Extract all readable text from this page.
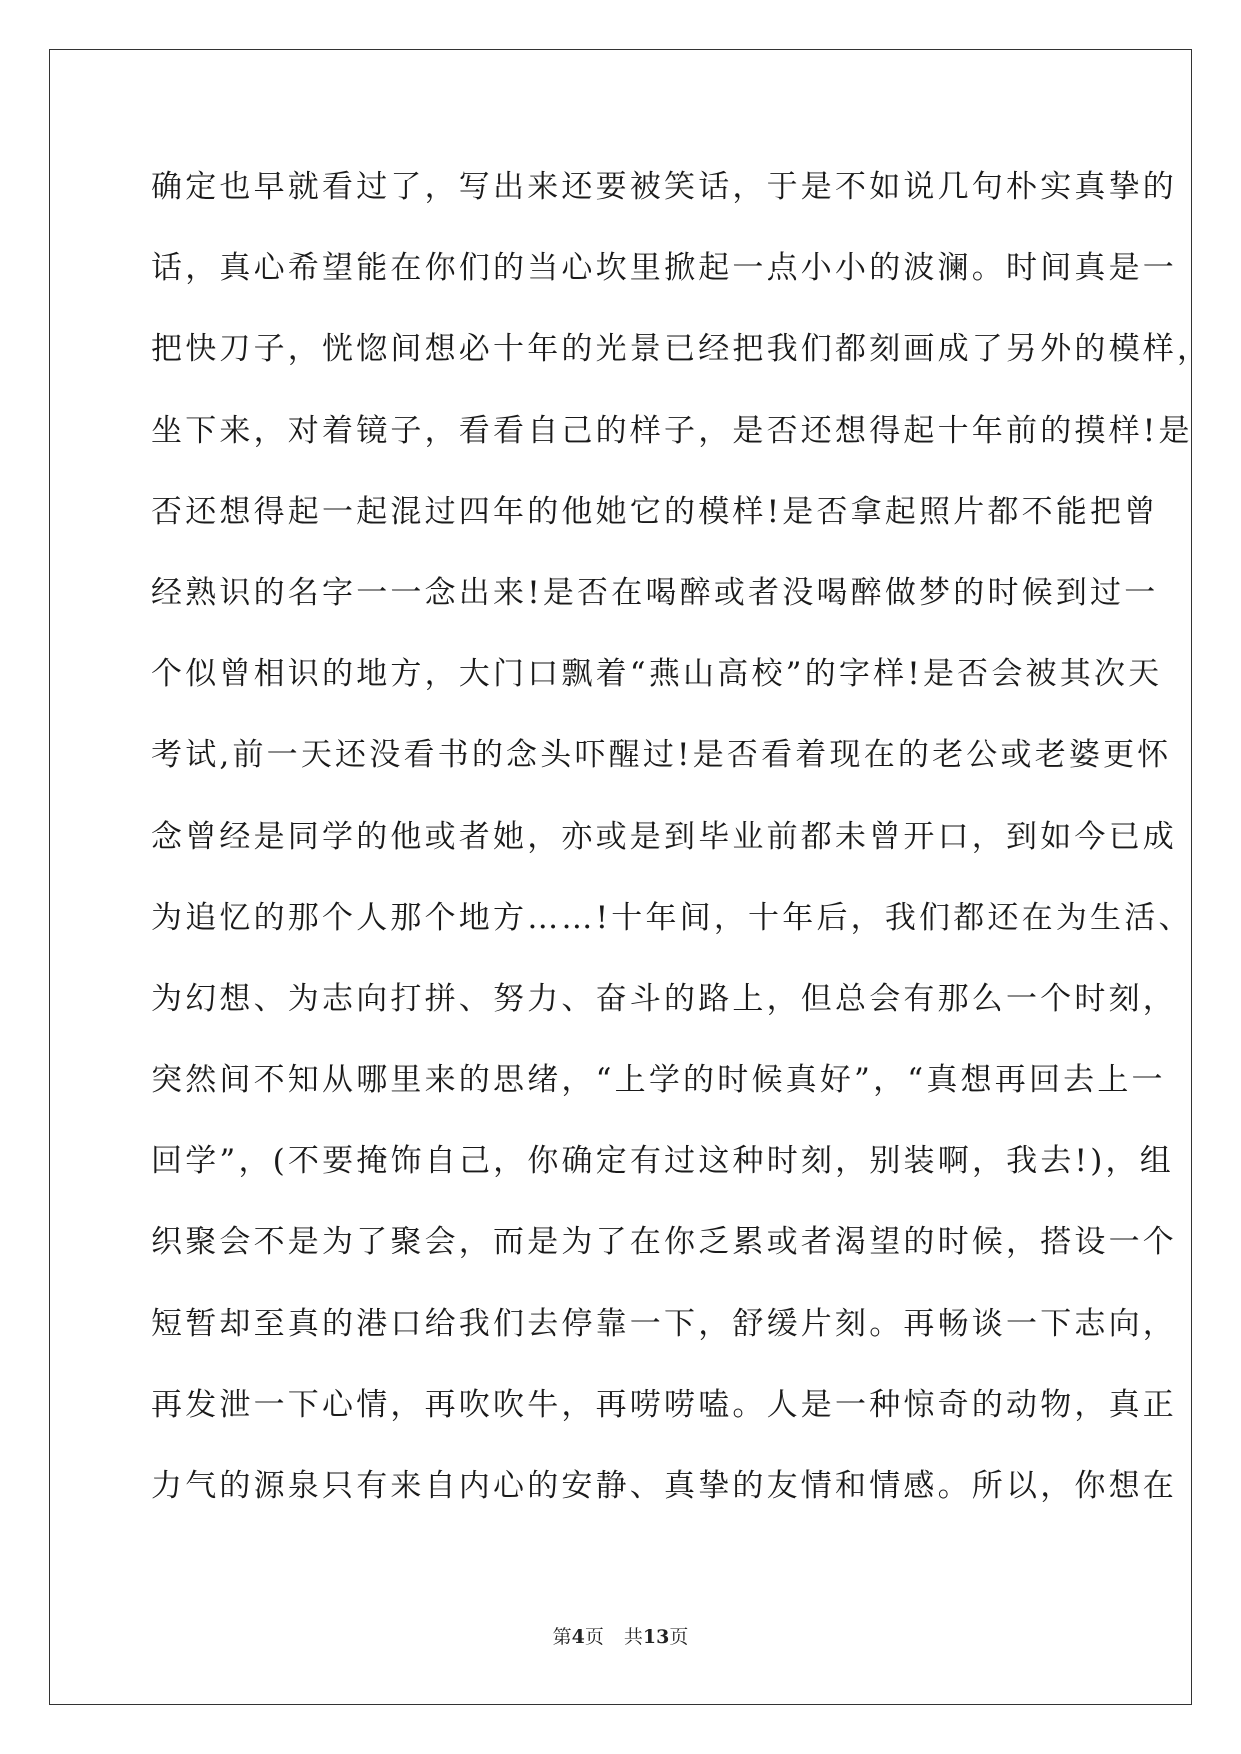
确定也早就看过了，写出来还要被笑话，于是不如说几句朴实真挚的
话，真心希望能在你们的当心坎里掀起一点小小的波澜。时间真是一
把快刀子，恍惚间想必十年的光景已经把我们都刻画成了另外的模样，
坐下来，对着镜子，看看自己的样子，是否还想得起十年前的摸样!是
否还想得起一起混过四年的他她它的模样!是否拿起照片都不能把曾
经熟识的名字一一念出来!是否在喝醉或者没喝醉做梦的时候到过一
个似曾相识的地方，大门口飘着“燕山高校”的字样!是否会被其次天
考试,前一天还没看书的念头吓醒过!是否看着现在的老公或老婆更怀
念曾经是同学的他或者她，亦或是到毕业前都未曾开口，到如今已成
为追忆的那个人那个地方……!十年间，十年后，我们都还在为生活、
为幻想、为志向打拼、努力、奋斗的路上，但总会有那么一个时刻，
突然间不知从哪里来的思绪，“上学的时候真好”，“真想再回去上一
回学”，(不要掩饰自己，你确定有过这种时刻，别装啊，我去!)，组
织聚会不是为了聚会，而是为了在你乏累或者渴望的时候，搭设一个
短暂却至真的港口给我们去停靠一下，舒缓片刻。再畅谈一下志向，
再发泄一下心情，再吹吹牛，再唠唠嗑。人是一种惊奇的动物，真正
力气的源泉只有来自内心的安静、真挚的友情和情感。所以，你想在
第4页 共13页
